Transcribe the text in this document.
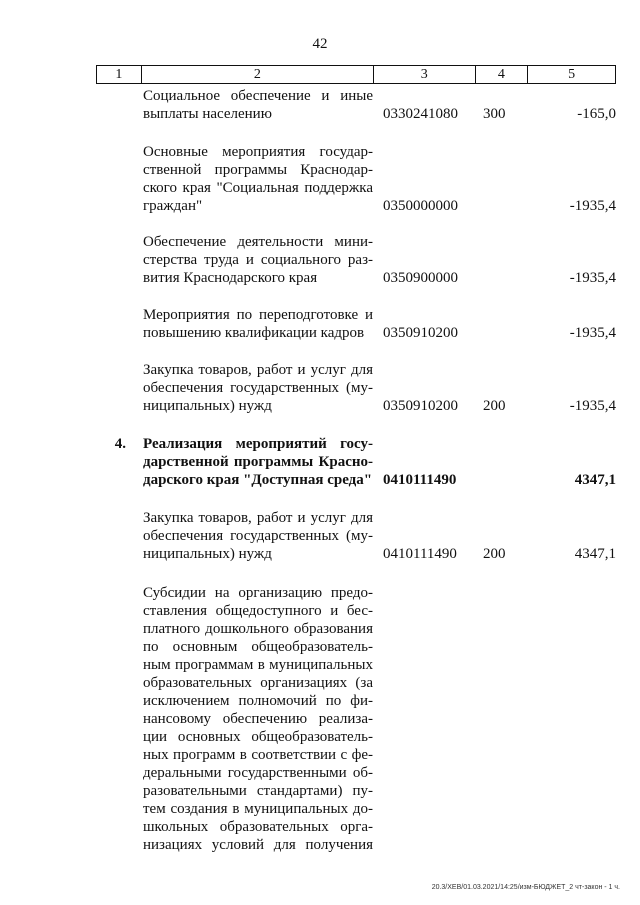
42
1	2	3	4	5
Социальное обеспечение и иные
выплаты населению	0330241080	300	-165,0
Основные мероприятия государ-
ственной программы Краснодар-
ского края "Социальная поддержка
граждан"	0350000000	-1935,4
Обеспечение деятельности мини-
стерства труда и социального раз-
вития Краснодарского края	0350900000	-1935,4
Мероприятия по переподготовке и
повышению квалификации кадров	0350910200	-1935,4
Закупка товаров, работ и услуг для
обеспечения государственных (му-
ниципальных) нужд	0350910200	200	-1935,4
4. Реализация мероприятий госу-
дарственной программы Красно-
дарского края "Доступная среда" 0410111490	4347,1
Закупка товаров, работ и услуг для
обеспечения государственных (му-
ниципальных) нужд	0410111490	200	4347,1
Субсидии на организацию предо-
ставления общедоступного и бес-
платного дошкольного образования
по основным общеобразователь-
ным программам в муниципальных
образовательных организациях (за
исключением полномочий по фи-
нансовому обеспечению реализа-
ции основных общеобразователь-
ных программ в соответствии с фе-
деральными государственными об-
разовательными стандартами) пу-
тем создания в муниципальных до-
школьных образовательных орга-
низациях условий для получения
20.3/ХЕВ/01.03.2021/14:25/изм-БЮДЖЕТ_2 чт-закон - 1 ч.
